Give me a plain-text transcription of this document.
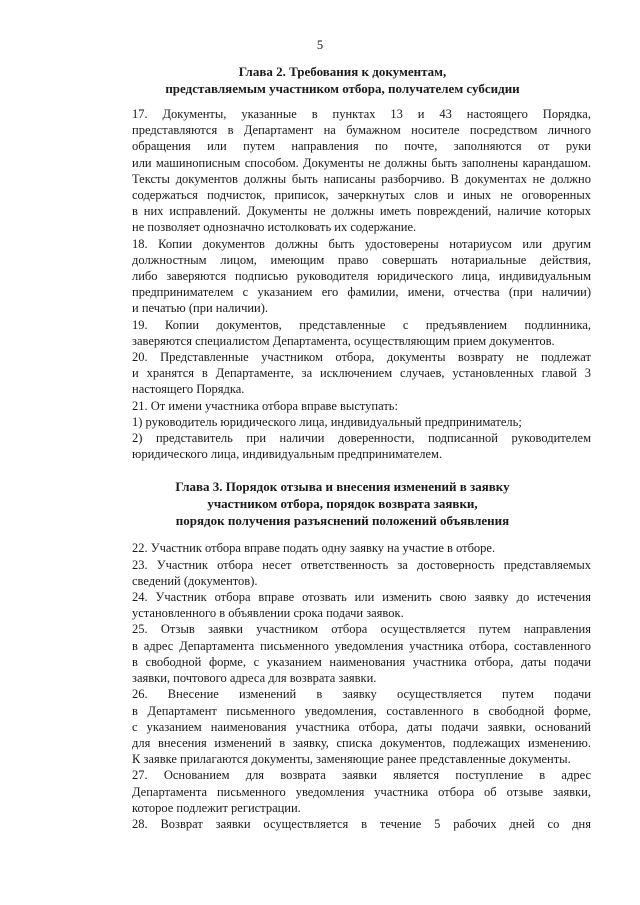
5
Глава 2. Требования к документам,
представляемым участником отбора, получателем субсидии

17. Документы, указанные в пунктах 13 и 43 настоящего Порядка,
представляются в Департамент на бумажном носителе посредством личного
обращения или путем направления по почте, заполняются от руки
или машинописным способом. Документы не должны быть заполнены карандашом.
Тексты документов должны быть написаны разборчиво. В документах не должно
содержаться подчисток, приписок, зачеркнутых слов и иных не оговоренных
в них исправлений. Документы не должны иметь повреждений, наличие которых
не позволяет однозначно истолковать их содержание.

18. Копии документов должны быть удостоверены нотариусом или другим
должностным лицом, имеющим право совершать нотариальные действия,
либо заверяются подписью руководителя юридического лица, индивидуальным
предпринимателем с указанием его фамилии, имени, отчества (при наличии)
и печатью (при наличии).

19. Копии документов, представленные с предъявлением подлинника,
заверяются специалистом Департамента, осуществляющим прием документов.

20. Представленные участником отбора, документы возврату не подлежат
и хранятся в Департаменте, за исключением случаев, установленных главой 3
настоящего Порядка.

21. От имени участника отбора вправе выступать:

1) руководитель юридического лица, индивидуальный предприниматель;

2) представитель при наличии доверенности, подписанной руководителем
юридического лица, индивидуальным предпринимателем.

Глава 3. Порядок отзыва и внесения изменений в заявку
участником отбора, порядок возврата заявки,
порядок получения разъяснений положений объявления

22. Участник отбора вправе подать одну заявку на участие в отборе.

23. Участник отбора несет ответственность за достоверность представляемых
сведений (документов).

24. Участник отбора вправе отозвать или изменить свою заявку до истечения
установленного в объявлении срока подачи заявок.

25. Отзыв заявки участником отбора осуществляется путем направления
в адрес Департамента письменного уведомления участника отбора, составленного
в свободной форме, с указанием наименования участника отбора, даты подачи
заявки, почтового адреса для возврата заявки.

26. Внесение изменений в заявку осуществляется путем подачи
в Департамент письменного уведомления, составленного в свободной форме,
с указанием наименования участника отбора, даты подачи заявки, оснований
для внесения изменений в заявку, списка документов, подлежащих изменению.
К заявке прилагаются документы, заменяющие ранее представленные документы.

27. Основанием для возврата заявки является поступление в адрес
Департамента письменного уведомления участника отбора об отзыве заявки,
которое подлежит регистрации.

28. Возврат заявки осуществляется в течение 5 рабочих дней со дня
